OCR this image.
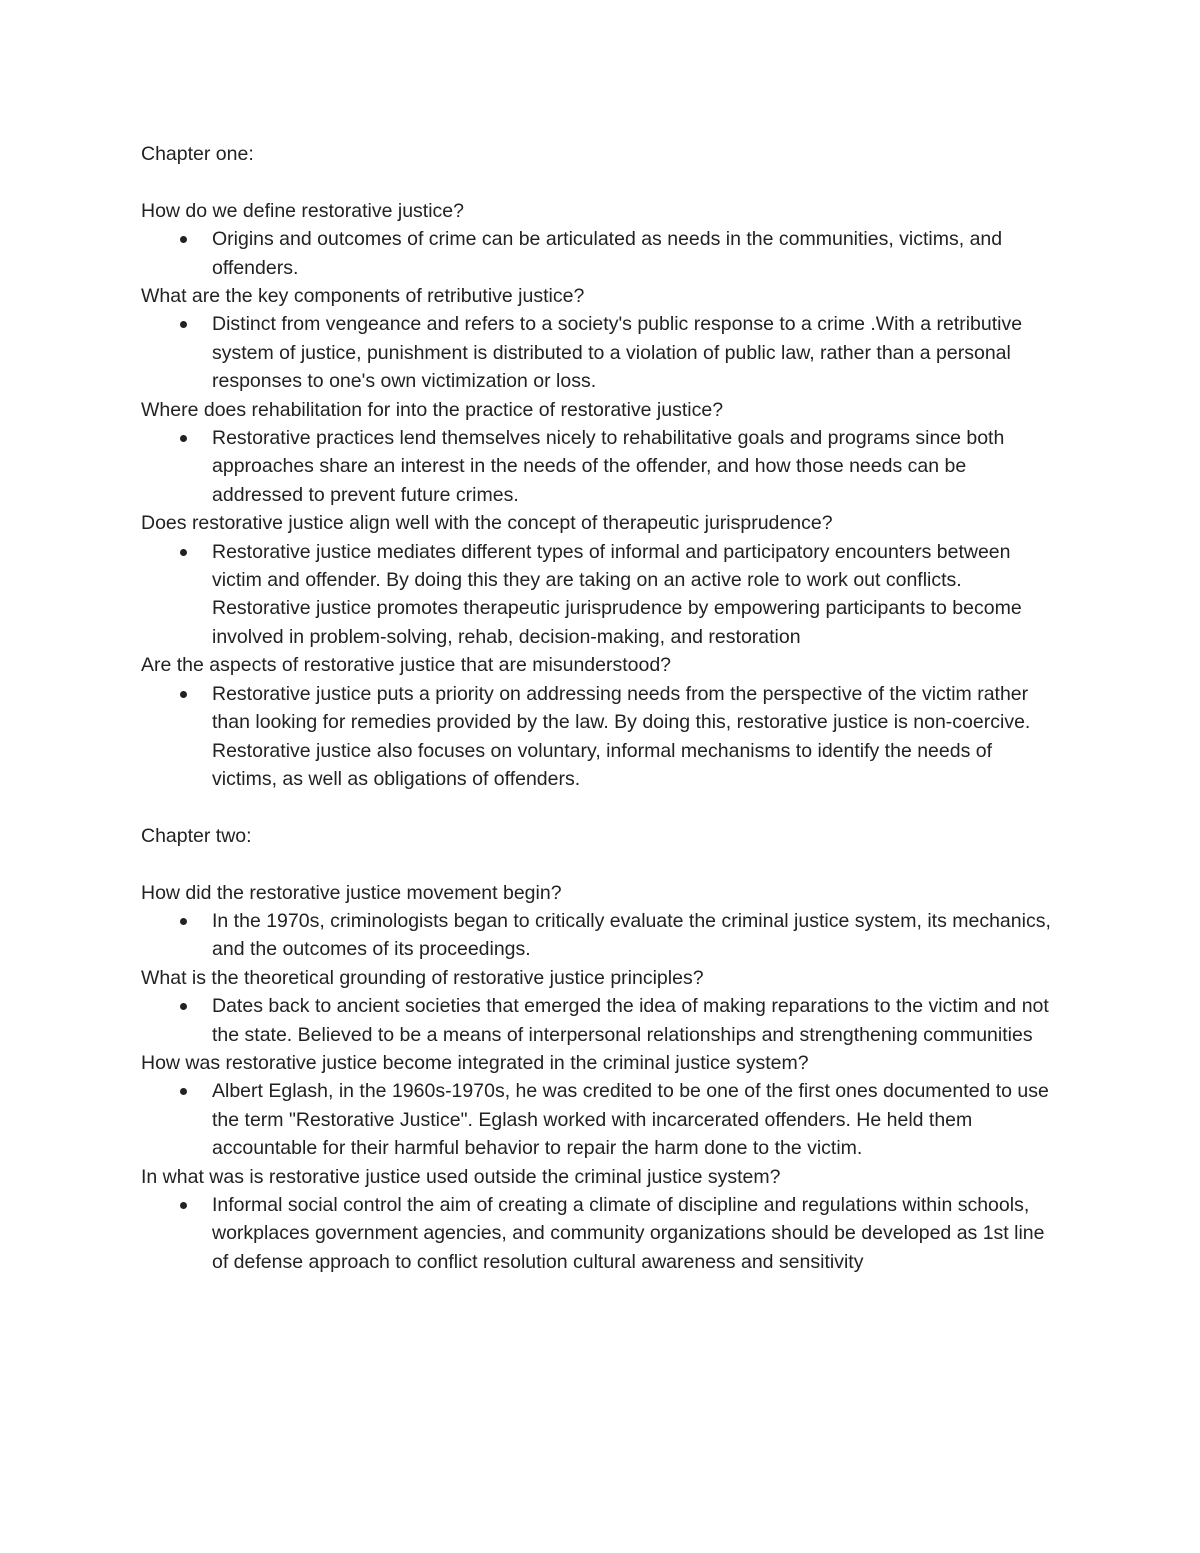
Chapter one:

How do we define restorative justice?

Origins and outcomes of crime can be articulated as needs in the communities, victims, and offenders.

What are the key components of retributive justice?

Distinct from vengeance and refers to a society's public response to a crime .With a retributive system of justice, punishment is distributed to a violation of public law, rather than a personal responses to one's own victimization or loss.

Where does rehabilitation for into the practice of restorative justice?

Restorative practices lend themselves nicely to rehabilitative goals and programs since both approaches share an interest in the needs of the offender, and how those needs can be addressed to prevent future crimes.

Does restorative justice align well with the concept of therapeutic jurisprudence?

Restorative justice mediates different types of informal and participatory encounters between victim and offender. By doing this they are taking on an active role to work out conflicts. Restorative justice promotes therapeutic jurisprudence by empowering participants to become involved in problem-solving, rehab, decision-making, and restoration

Are the aspects of restorative justice that are misunderstood?

Restorative justice puts a priority on addressing needs from the perspective of the victim rather than looking for remedies provided by the law. By doing this, restorative justice is non-coercive. Restorative justice also focuses on voluntary, informal mechanisms to identify the needs of victims, as well as obligations of offenders.

Chapter two:

How did the restorative justice movement begin?

In the 1970s, criminologists began to critically evaluate the criminal justice system, its mechanics, and the outcomes of its proceedings.

What is the theoretical grounding of restorative justice principles?

Dates back to ancient societies that emerged the idea of making reparations to the victim and not the state. Believed to be a means of interpersonal relationships and strengthening communities

How was restorative justice become integrated in the criminal justice system?

Albert Eglash, in the 1960s-1970s, he was credited to be one of the first ones documented to use the term "Restorative Justice". Eglash worked with incarcerated offenders. He held them accountable for their harmful behavior to repair the harm done to the victim.

In what was is restorative justice used outside the criminal justice system?

Informal social control the aim of creating a climate of discipline and regulations within schools, workplaces government agencies, and community organizations should be developed as 1st line of defense approach to conflict resolution cultural awareness and sensitivity
